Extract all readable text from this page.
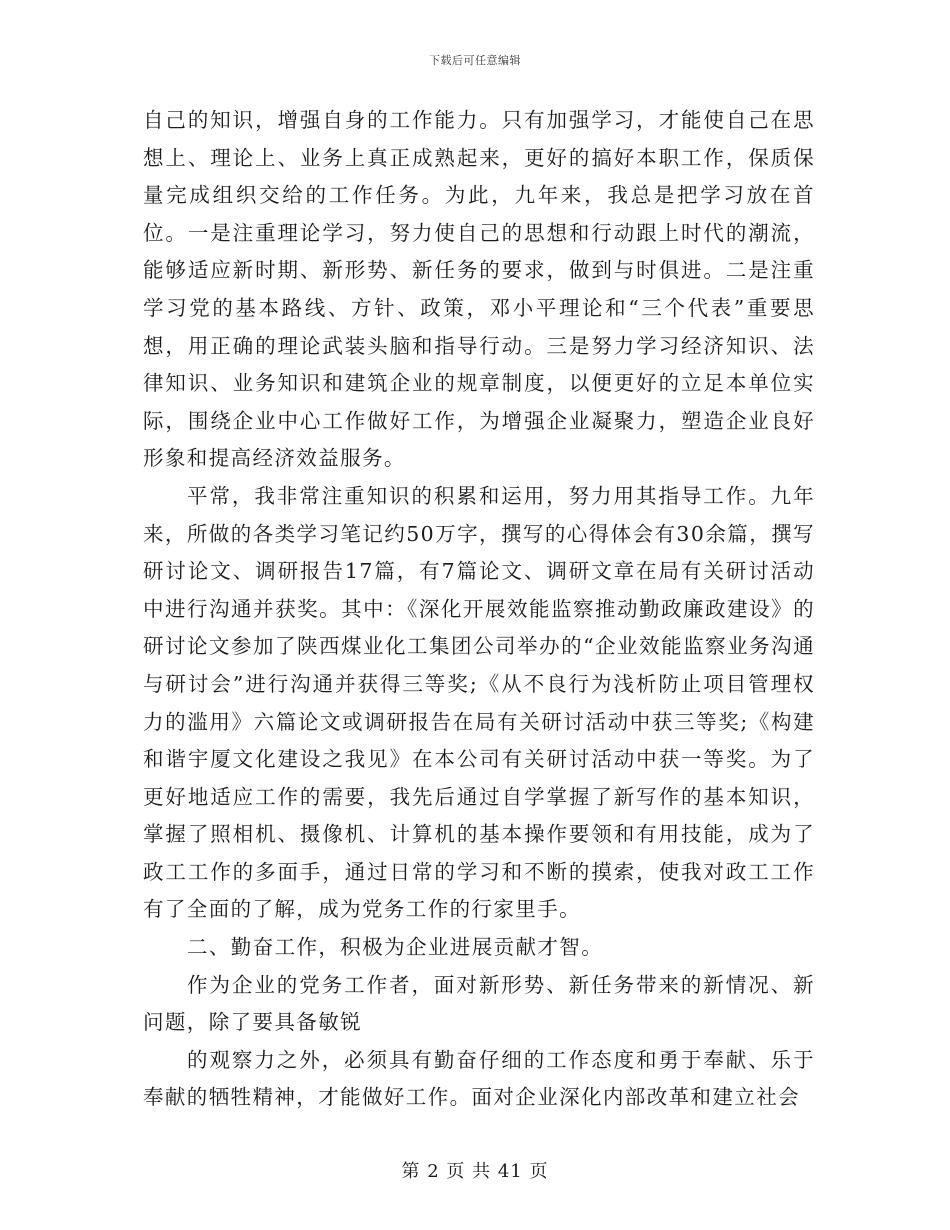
下载后可任意编辑

自己的知识，增强自身的工作能力。只有加强学习，才能使自己在思想上、理论上、业务上真正成熟起来，更好的搞好本职工作，保质保量完成组织交给的工作任务。为此，九年来，我总是把学习放在首位。一是注重理论学习，努力使自己的思想和行动跟上时代的潮流，能够适应新时期、新形势、新任务的要求，做到与时俱进。二是注重学习党的基本路线、方针、政策，邓小平理论和“三个代表”重要思想，用正确的理论武装头脑和指导行动。三是努力学习经济知识、法律知识、业务知识和建筑企业的规章制度，以便更好的立足本单位实际，围绕企业中心工作做好工作，为增强企业凝聚力，塑造企业良好形象和提高经济效益服务。

平常，我非常注重知识的积累和运用，努力用其指导工作。九年来，所做的各类学习笔记约50万字，撰写的心得体会有30余篇，撰写研讨论文、调研报告17篇，有7篇论文、调研文章在局有关研讨活动中进行沟通并获奖。其中：《深化开展效能监察推动勤政廉政建设》的研讨论文参加了陕西煤业化工集团公司举办的“企业效能监察业务沟通与研讨会”进行沟通并获得三等奖;《从不良行为浅析防止项目管理权力的滥用》六篇论文或调研报告在局有关研讨活动中获三等奖;《构建和谐宇厦文化建设之我见》在本公司有关研讨活动中获一等奖。为了更好地适应工作的需要，我先后通过自学掌握了新写作的基本知识，掌握了照相机、摄像机、计算机的基本操作要领和有用技能，成为了政工工作的多面手，通过日常的学习和不断的摸索，使我对政工工作有了全面的了解，成为党务工作的行家里手。

二、勤奋工作，积极为企业进展贡献才智。

作为企业的党务工作者，面对新形势、新任务带来的新情况、新问题，除了要具备敏锐

的观察力之外，必须具有勤奋仔细的工作态度和勇于奉献、乐于奉献的牺牲精神，才能做好工作。面对企业深化内部改革和建立社会

第 2 页 共 41 页
